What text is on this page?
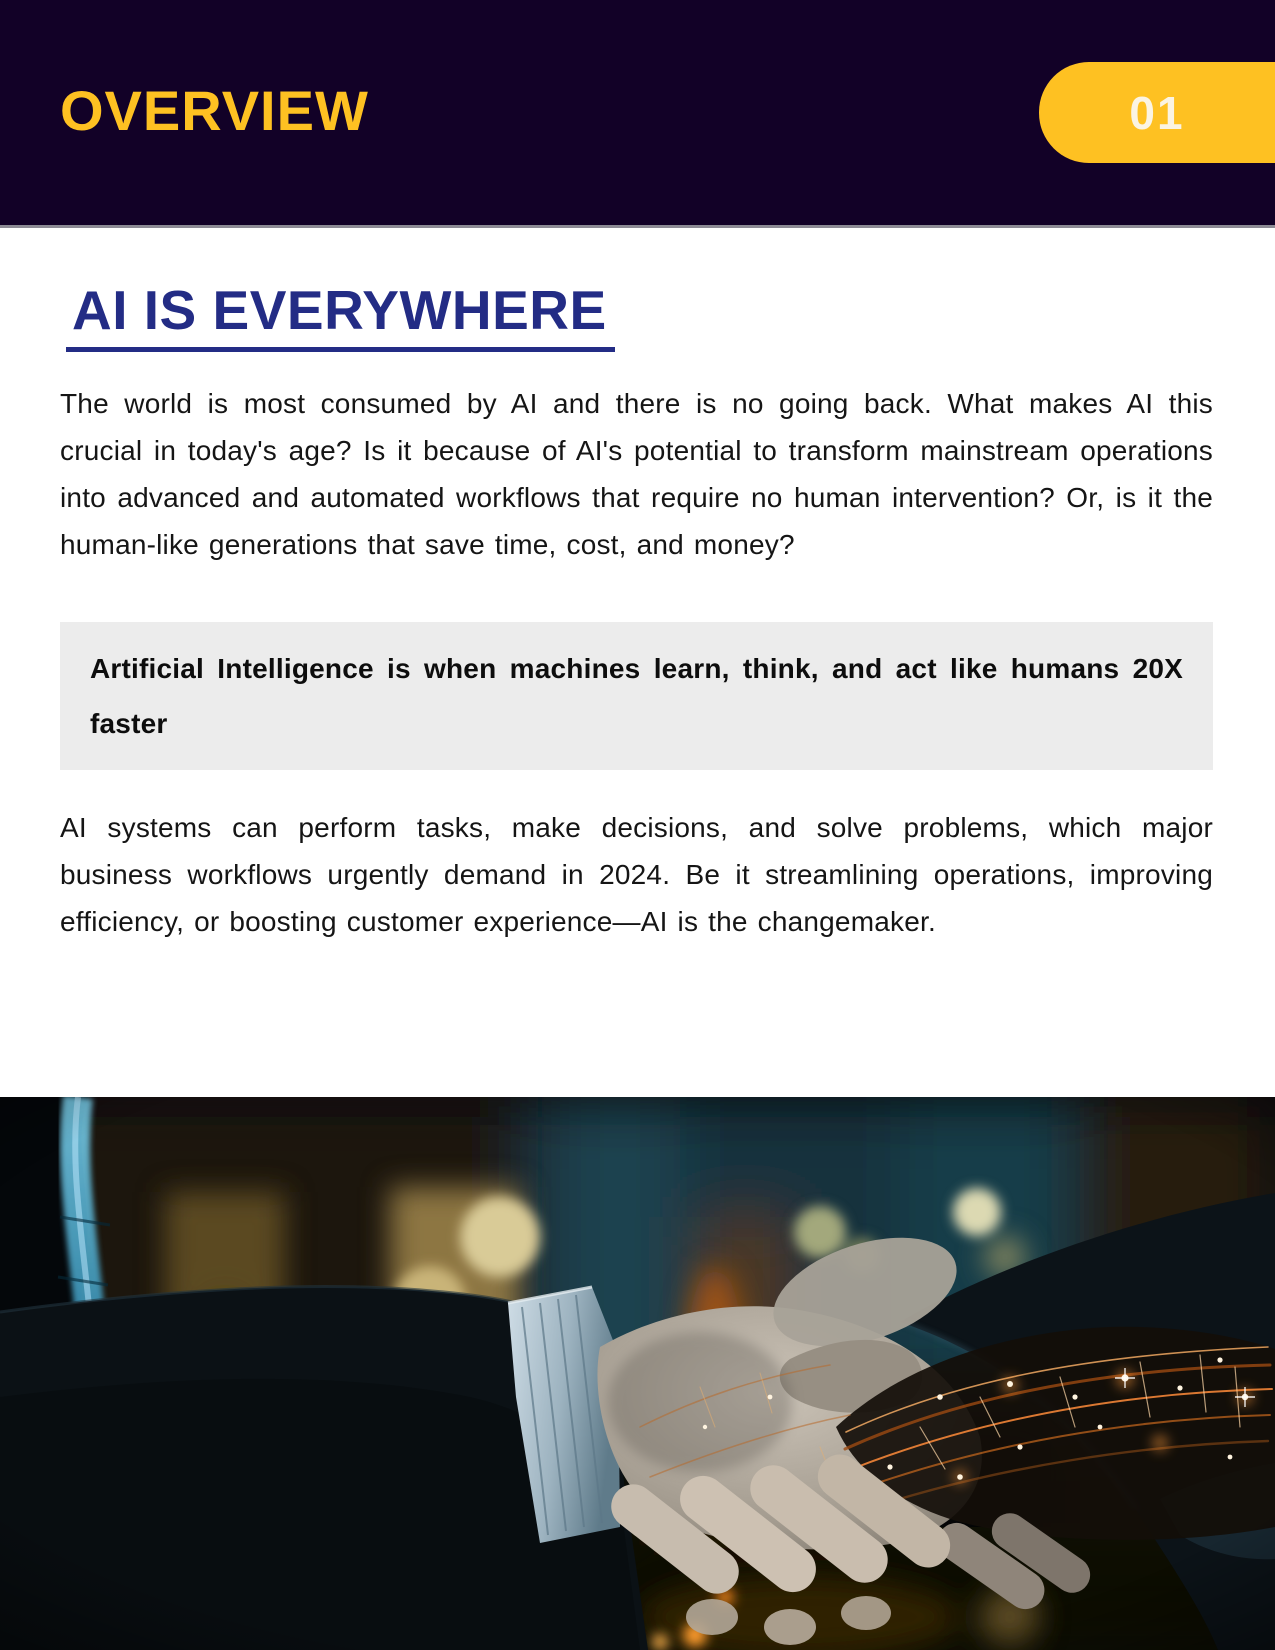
OVERVIEW	01
AI IS EVERYWHERE

The world is most consumed by AI and there is no going back. What makes AI this crucial in today's age? Is it because of AI's potential to transform mainstream operations into advanced and automated workflows that require no human intervention? Or, is it the human-like generations that save time, cost, and money?

Artificial Intelligence is when machines learn, think, and act like humans 20X faster

AI systems can perform tasks, make decisions, and solve problems, which major business workflows urgently demand in 2024. Be it streamlining operations, improving efficiency, or boosting customer experience—AI is the changemaker.
